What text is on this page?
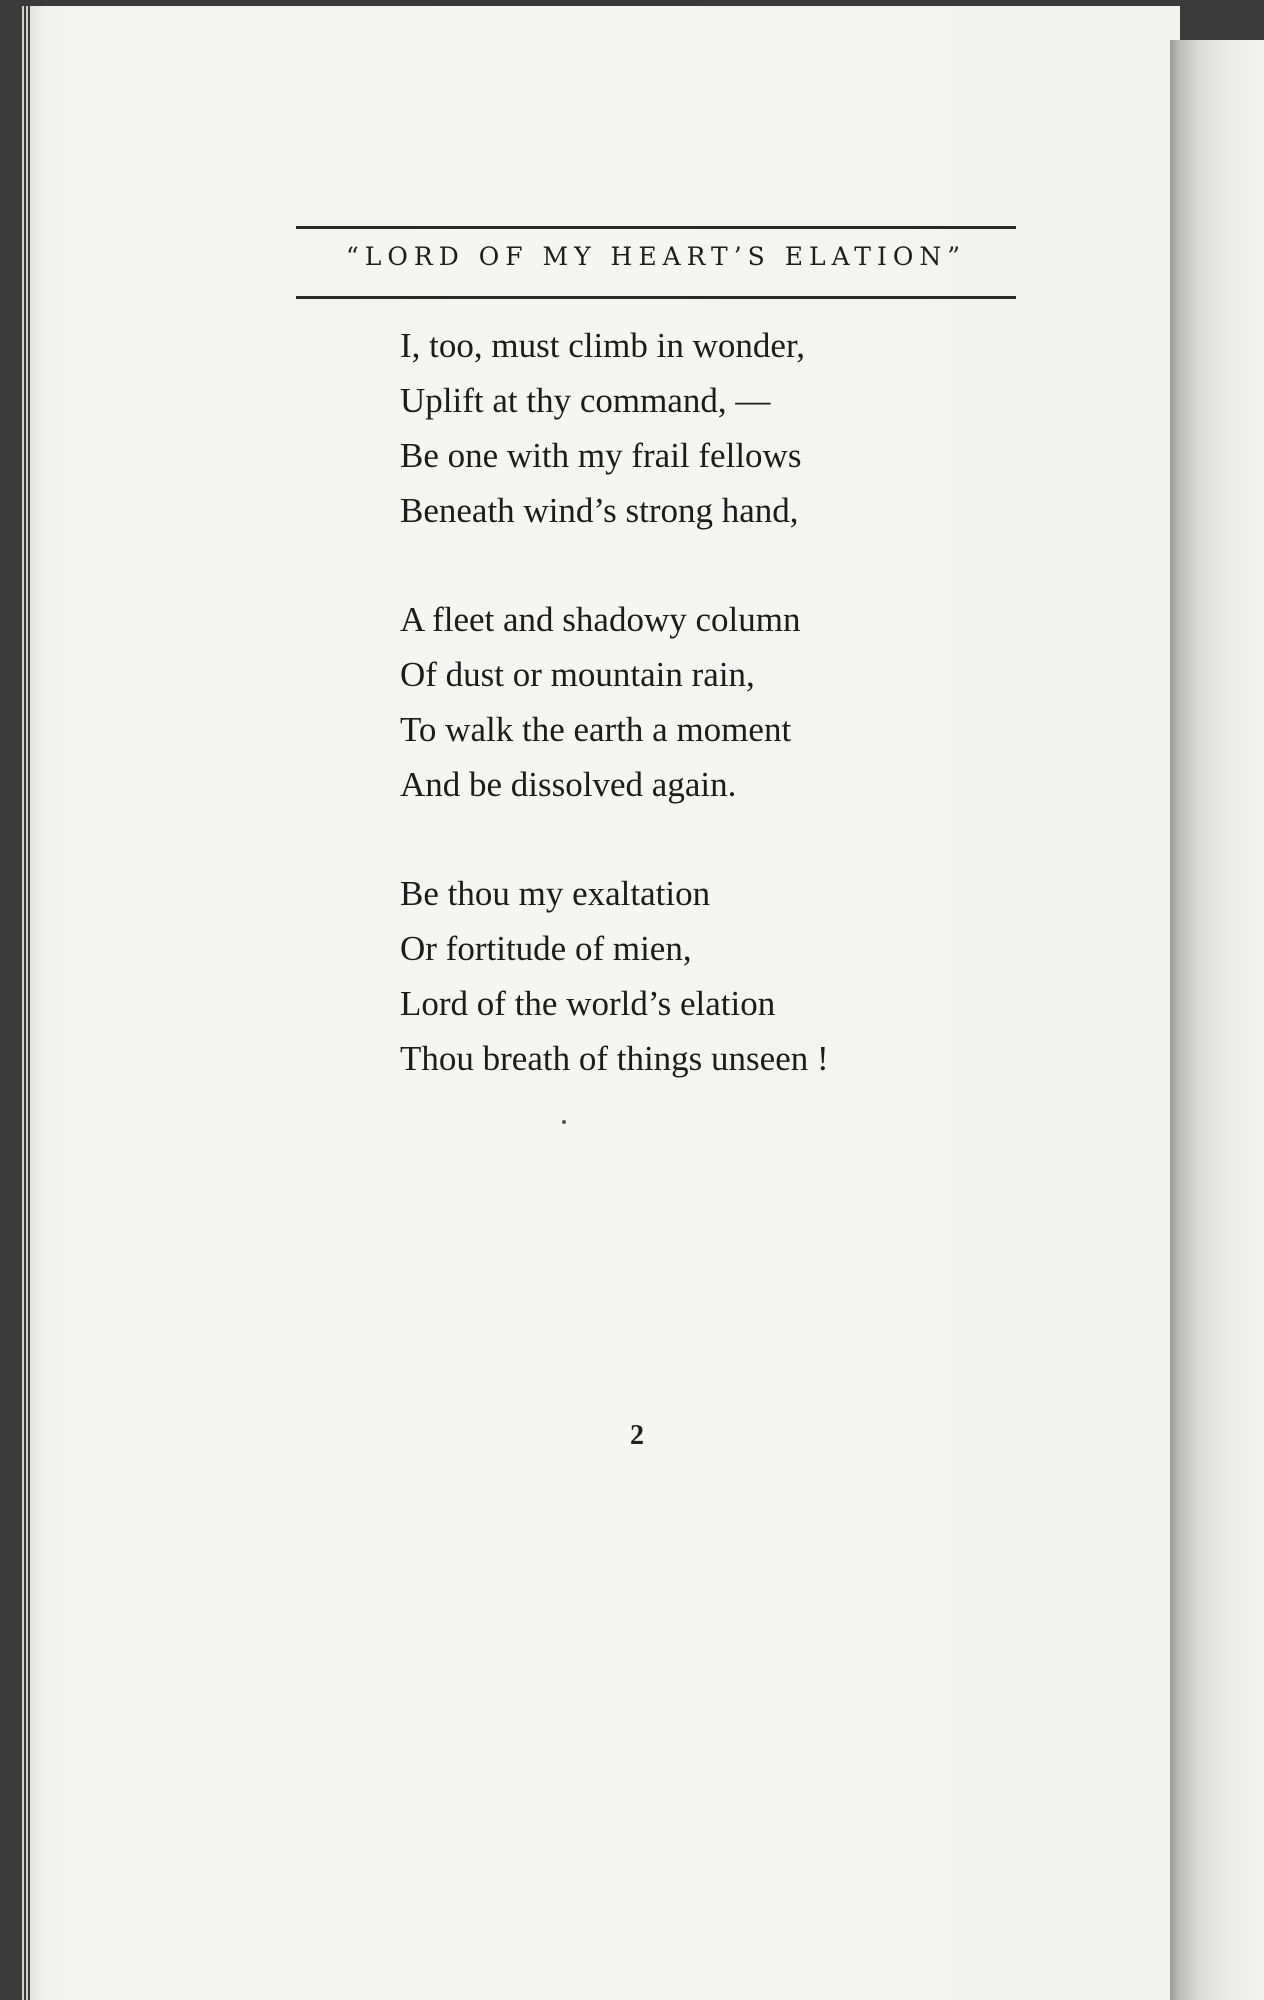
“LORD OF MY HEART’S ELATION”
I, too, must climb in wonder,
Uplift at thy command, —
Be one with my frail fellows
Beneath wind’s strong hand,
A fleet and shadowy column
Of dust or mountain rain,
To walk the earth a moment
And be dissolved again.
Be thou my exaltation
Or fortitude of mien,
Lord of the world’s elation
Thou breath of things unseen !
2
